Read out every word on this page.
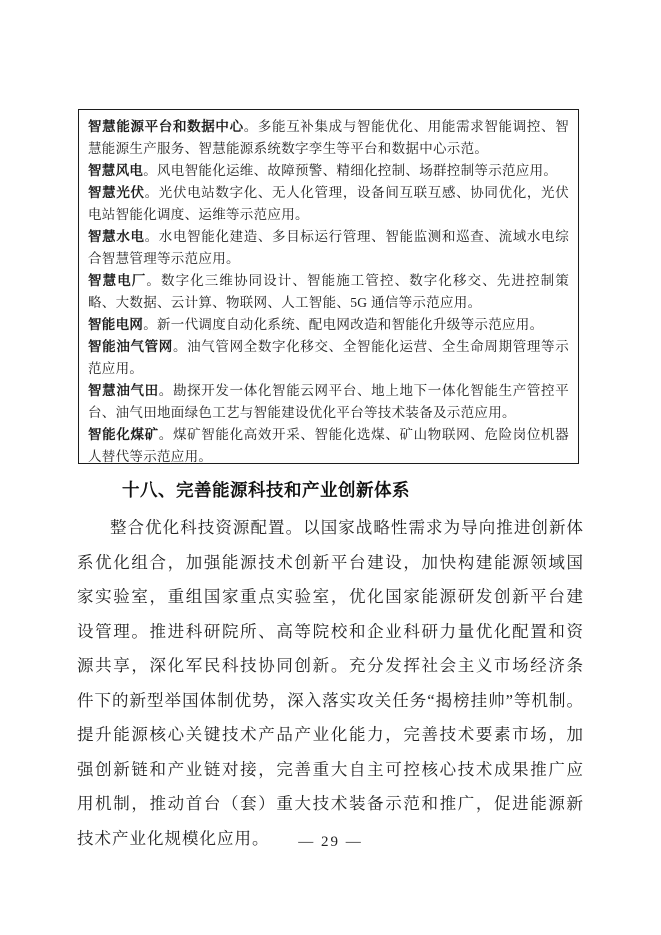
智慧能源平台和数据中心。多能互补集成与智能优化、用能需求智能调控、智慧能源生产服务、智慧能源系统数字孪生等平台和数据中心示范。
智慧风电。风电智能化运维、故障预警、精细化控制、场群控制等示范应用。
智慧光伏。光伏电站数字化、无人化管理，设备间互联互感、协同优化，光伏电站智能化调度、运维等示范应用。
智慧水电。水电智能化建造、多目标运行管理、智能监测和巡查、流域水电综合智慧管理等示范应用。
智慧电厂。数字化三维协同设计、智能施工管控、数字化移交、先进控制策略、大数据、云计算、物联网、人工智能、5G 通信等示范应用。
智能电网。新一代调度自动化系统、配电网改造和智能化升级等示范应用。
智能油气管网。油气管网全数字化移交、全智能化运营、全生命周期管理等示范应用。
智慧油气田。勘探开发一体化智能云网平台、地上地下一体化智能生产管控平台、油气田地面绿色工艺与智能建设优化平台等技术装备及示范应用。
智能化煤矿。煤矿智能化高效开采、智能化选煤、矿山物联网、危险岗位机器人替代等示范应用。
十八、完善能源科技和产业创新体系
整合优化科技资源配置。以国家战略性需求为导向推进创新体系优化组合，加强能源技术创新平台建设，加快构建能源领域国家实验室，重组国家重点实验室，优化国家能源研发创新平台建设管理。推进科研院所、高等院校和企业科研力量优化配置和资源共享，深化军民科技协同创新。充分发挥社会主义市场经济条件下的新型举国体制优势，深入落实攻关任务“揭榜挂帅”等机制。提升能源核心关键技术产品产业化能力，完善技术要素市场，加强创新链和产业链对接，完善重大自主可控核心技术成果推广应用机制，推动首台（套）重大技术装备示范和推广，促进能源新技术产业化规模化应用。	— 29 —
